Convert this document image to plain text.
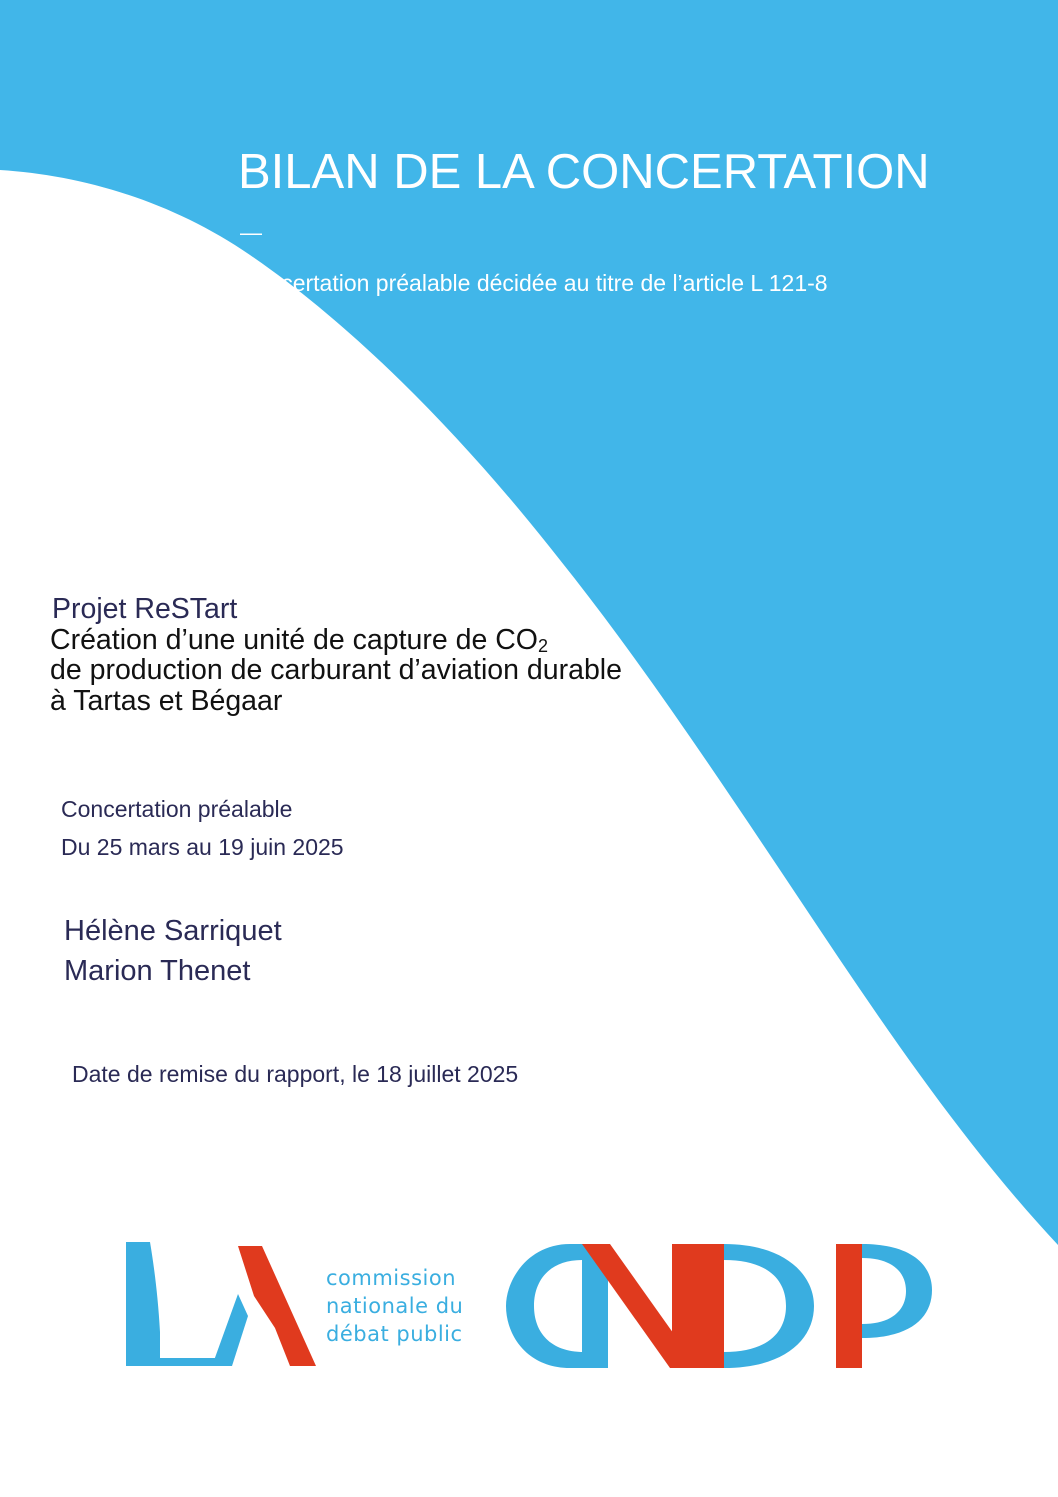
BILAN DE LA CONCERTATION
—
Concertation préalable décidée au titre de l’article L 121-8
Projet ReSTart
Création d’une unité de capture de $CO_2$
de production de carburant d’aviation durable
à Tartas et Bégaar
Concertation préalable
Du 25 mars au 19 juin 2025
Hélène Sarriquet
Marion Thenet
Date de remise du rapport, le 18 juillet 2025
commission
nationale du
débat public
